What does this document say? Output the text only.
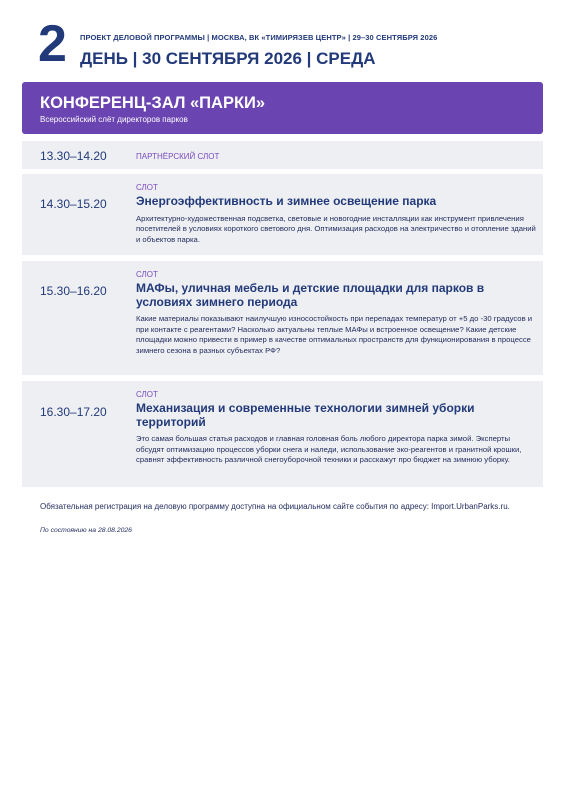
2 ПРОЕКТ ДЕЛОВОЙ ПРОГРАММЫ | МОСКВА, ВК «ТИМИРЯЗЕВ ЦЕНТР» | 29–30 СЕНТЯБРЯ 2026
ДЕНЬ | 30 СЕНТЯБРЯ 2026 | СРЕДА
КОНФЕРЕНЦ-ЗАЛ «ПАРКИ»
Всероссийский слёт директоров парков
13.30–14.20	ПАРТНЁРСКИЙ СЛОТ
14.30–15.20
СЛОТ
Энергоэффективность и зимнее освещение парка
Архитектурно-художественная подсветка, световые и новогодние инсталляции как инструмент привлечения посетителей в условиях короткого светового дня. Оптимизация расходов на электричество и отопление зданий и объектов парка.
15.30–16.20
СЛОТ
МАФы, уличная мебель и детские площадки для парков в условиях зимнего периода
Какие материалы показывают наилучшую износостойкость при перепадах температур от +5 до -30 градусов и при контакте с реагентами? Насколько актуальны теплые МАФы и встроенное освещение? Какие детские площадки можно привести в пример в качестве оптимальных пространств для функционирования в процессе зимнего сезона в разных субъектах РФ?
16.30–17.20
СЛОТ
Механизация и современные технологии зимней уборки территорий
Это самая большая статья расходов и главная головная боль любого директора парка зимой. Эксперты обсудят оптимизацию процессов уборки снега и наледи, использование эко-реагентов и гранитной крошки, сравнят эффективность различной снегоуборочной техники и расскажут про бюджет на зимнюю уборку.
Обязательная регистрация на деловую программу доступна на официальном сайте события по адресу: Import.UrbanParks.ru.
По состоянию на 28.08.2026
